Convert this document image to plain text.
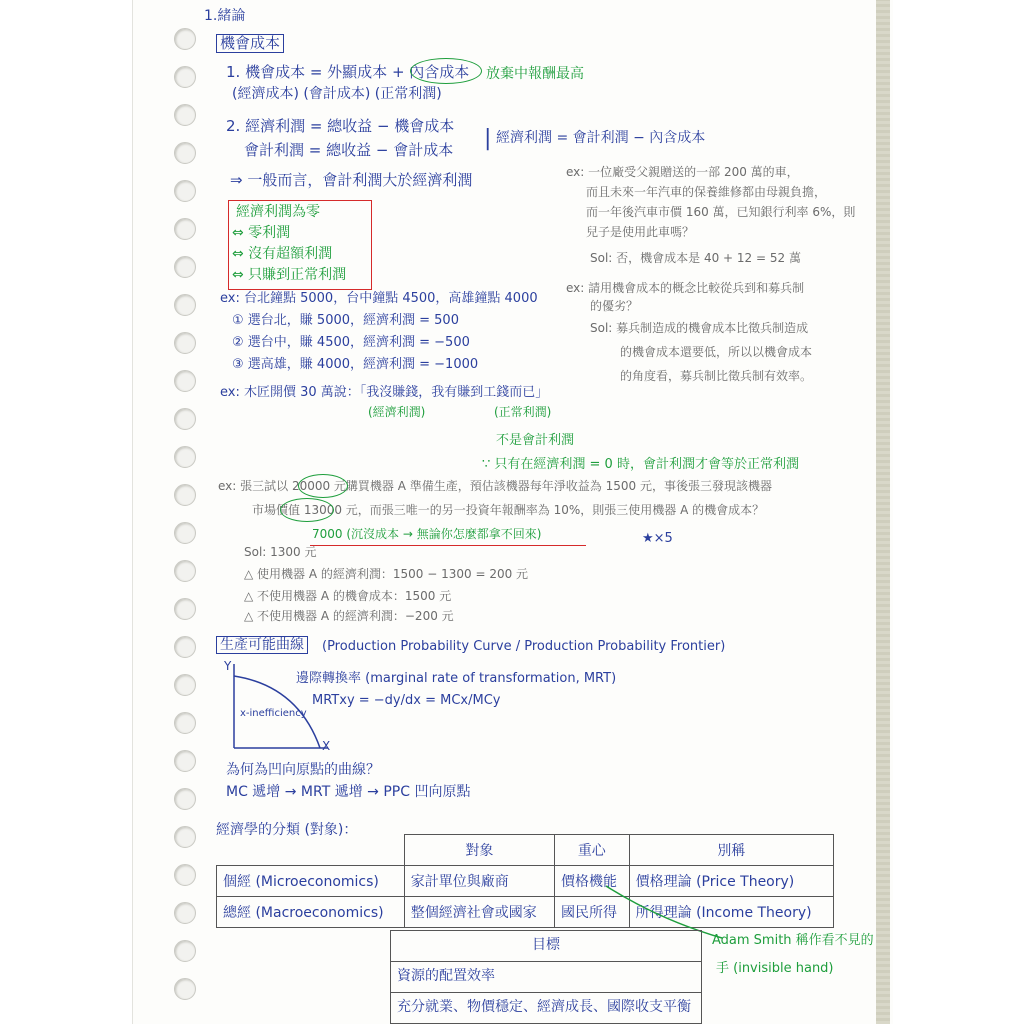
1.緒論
機會成本
1. 機會成本 = 外顯成本 + 內含成本 放棄中報酬最高
(經濟成本) (會計成本) (正常利潤)
2. 經濟利潤 = 總收益 − 機會成本
會計利潤 = 總收益 − 會計成本 | 經濟利潤 = 會計利潤 − 內含成本
⇒ 一般而言，會計利潤大於經濟利潤
經濟利潤為零
⇔ 零利潤
⇔ 沒有超額利潤
⇔ 只賺到正常利潤
ex: 一位廠受父親贈送的一部 200 萬的車，
而且未來一年汽車的保養維修都由母親負擔，
而一年後汽車市價 160 萬，已知銀行利率 6%，則
兒子是使用此車嗎？
Sol: 否，機會成本是 40 + 12 = 52 萬
ex: 請用機會成本的概念比較從兵到和募兵制
的優劣？
Sol: 募兵制造成的機會成本比徵兵制造成
的機會成本還要低，所以以機會成本
的角度看，募兵制比徵兵制有效率。
ex: 台北鐘點 5000，台中鐘點 4500，高雄鐘點 4000
① 選台北，賺 5000，經濟利潤 = 500
② 選台中，賺 4500，經濟利潤 = −500
③ 選高雄，賺 4000，經濟利潤 = −1000
ex: 木匠開價 30 萬說：「我沒賺錢，我有賺到工錢而已」
(經濟利潤)	(正常利潤)
不是會計利潤
∵ 只有在經濟利潤 = 0 時，會計利潤才會等於正常利潤
ex: 張三試以 20000 元購買機器 A 準備生產，預估該機器每年淨收益為 1500 元，事後張三發現該機器
市場價值 13000 元，而張三唯一的另一投資年報酬率為 10%，則張三使用機器 A 的機會成本？
7000 (沉沒成本 → 無論你怎麼都拿不回來)	★×5
Sol: 1300 元
△ 使用機器 A 的經濟利潤：1500 − 1300 = 200 元
△ 不使用機器 A 的機會成本：1500 元
△ 不使用機器 A 的經濟利潤：−200 元
生產可能曲線	(Production Probability Curve / Production Probability Frontier)
Y
X
x-inefficiency
邊際轉換率 (marginal rate of transformation, MRT)
MRTxy = −dy/dx = MCx/MCy
為何為凹向原點的曲線？
MC 遞增 → MRT 遞增 → PPC 凹向原點
經濟學的分類 (對象)：
	對象	重心	別稱
個經 (Microeconomics)	家計單位與廠商	價格機能	價格理論 (Price Theory)
總經 (Macroeconomics)	整個經濟社會或國家	國民所得	所得理論 (Income Theory)
Adam Smith 稱作看不見的
手 (invisible hand)
目標
資源的配置效率
充分就業、物價穩定、經濟成長、國際收支平衡
